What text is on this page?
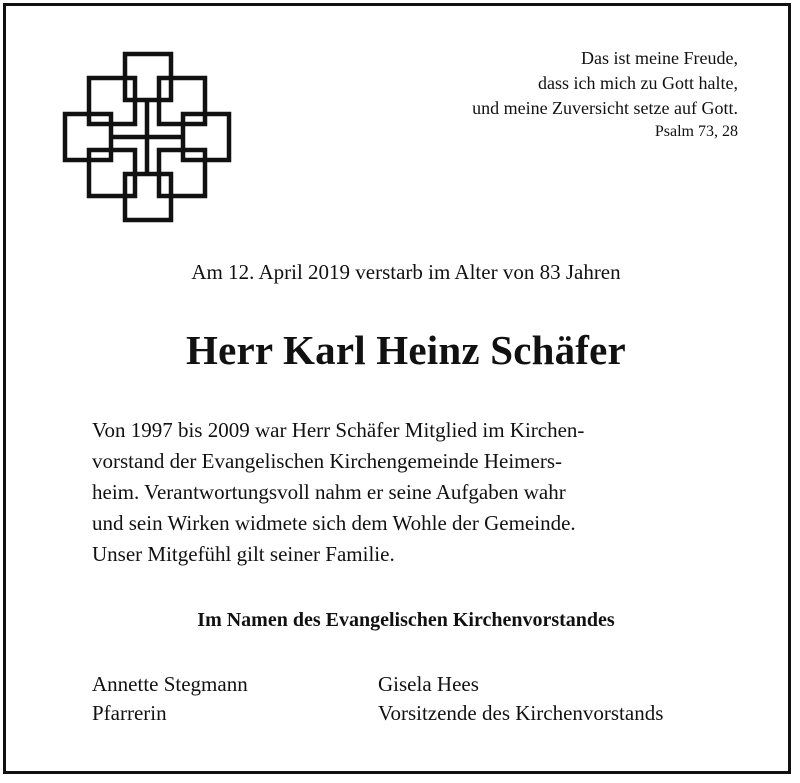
Das ist meine Freude,
dass ich mich zu Gott halte,
und meine Zuversicht setze auf Gott.
Psalm 73, 28
Am 12. April 2019 verstarb im Alter von 83 Jahren
Herr Karl Heinz Schäfer

Von 1997 bis 2009 war Herr Schäfer Mitglied im Kirchen-

vorstand der Evangelischen Kirchengemeinde Heimers-

heim. Verantwortungsvoll nahm er seine Aufgaben wahr

und sein Wirken widmete sich dem Wohle der Gemeinde.

Unser Mitgefühl gilt seiner Familie.

Im Namen des Evangelischen Kirchenvorstandes
Annette Stegmann
Pfarrerin
Gisela Hees
Vorsitzende des Kirchenvorstands
